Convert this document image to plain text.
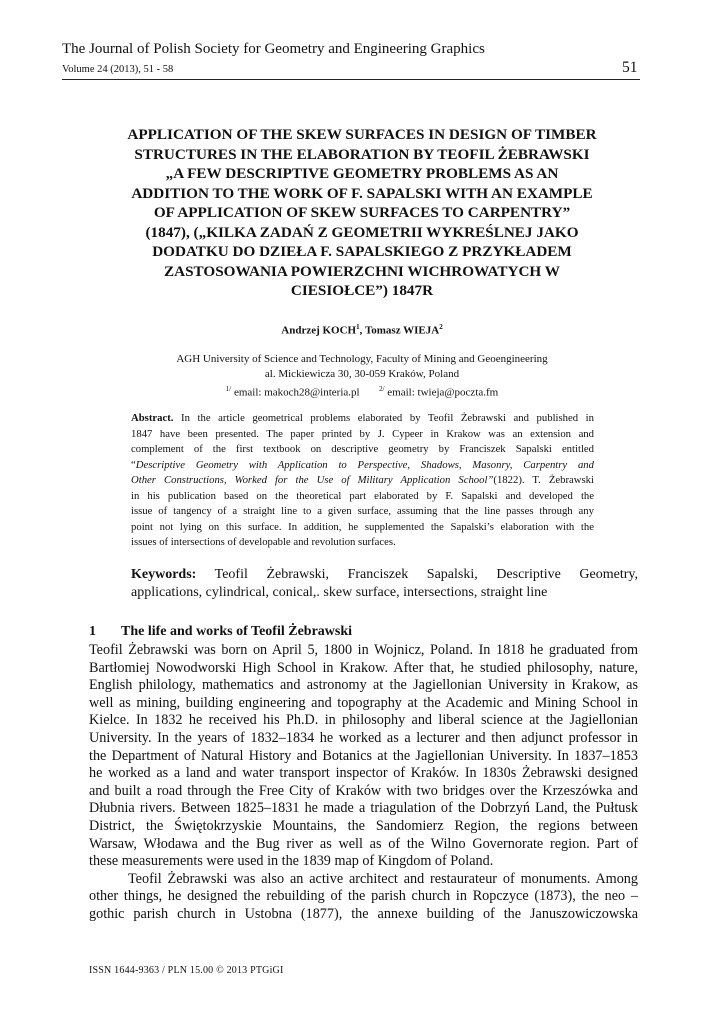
The Journal of Polish Society for Geometry and Engineering Graphics
Volume 24 (2013), 51 - 58	51
APPLICATION OF THE SKEW SURFACES IN DESIGN OF TIMBER
STRUCTURES IN THE ELABORATION BY TEOFIL ŻEBRAWSKI
„A FEW DESCRIPTIVE GEOMETRY PROBLEMS AS AN
ADDITION TO THE WORK OF F. SAPALSKI WITH AN EXAMPLE
OF APPLICATION OF SKEW SURFACES TO CARPENTRY”
(1847), („KILKA ZADAŃ Z GEOMETRII WYKREŚLNEJ JAKO
DODATKU DO DZIEŁA F. SAPALSKIEGO Z PRZYKŁADEM
ZASTOSOWANIA POWIERZCHNI WICHROWATYCH W
CIESIOŁCE”) 1847R
Andrzej KOCH$^1$, Tomasz WIEJA$^2$
AGH University of Science and Technology, Faculty of Mining and Geoengineering
al. Mickiewicza 30, 30-059 Kraków, Poland
$^{1/}$ email: makoch28@interia.pl	$^{2/}$ email: twieja@poczta.fm
Abstract. In the article geometrical problems elaborated by Teofil Żebrawski and published in
1847 have been presented. The paper printed by J. Cypeer in Krakow was an extension and
complement of the first textbook on descriptive geometry by Franciszek Sapalski entitled
“Descriptive Geometry with Application to Perspective, Shadows, Masonry, Carpentry and
Other Constructions, Worked for the Use of Military Application School”(1822). T. Żebrawski
in his publication based on the theoretical part elaborated by F. Sapalski and developed the
issue of tangency of a straight line to a given surface, assuming that the line passes through any
point not lying on this surface. In addition, he supplemented the Sapalski’s elaboration with the
issues of intersections of developable and revolution surfaces.
Keywords: Teofil Żebrawski, Franciszek Sapalski, Descriptive Geometry,
applications, cylindrical, conical,. skew surface, intersections, straight line
1 The life and works of Teofil Żebrawski
Teofil Żebrawski was born on April 5, 1800 in Wojnicz, Poland. In 1818 he graduated from
Bartłomiej Nowodworski High School in Krakow. After that, he studied philosophy, nature,
English philology, mathematics and astronomy at the Jagiellonian University in Krakow, as
well as mining, building engineering and topography at the Academic and Mining School in
Kielce. In 1832 he received his Ph.D. in philosophy and liberal science at the Jagiellonian
University. In the years of 1832–1834 he worked as a lecturer and then adjunct professor in
the Department of Natural History and Botanics at the Jagiellonian University. In 1837–1853
he worked as a land and water transport inspector of Kraków. In 1830s Żebrawski designed
and built a road through the Free City of Kraków with two bridges over the Krzeszówka and
Dłubnia rivers. Between 1825–1831 he made a triagulation of the Dobrzyń Land, the Pułtusk
District, the Świętokrzyskie Mountains, the Sandomierz Region, the regions between
Warsaw, Włodawa and the Bug river as well as of the Wilno Governorate region. Part of
these measurements were used in the 1839 map of Kingdom of Poland.
Teofil Żebrawski was also an active architect and restaurateur of monuments. Among
other things, he designed the rebuilding of the parish church in Ropczyce (1873), the neo –
gothic parish church in Ustobna (1877), the annexe building of the Januszowiczowska
ISSN 1644-9363 / PLN 15.00 © 2013 PTGiGI
